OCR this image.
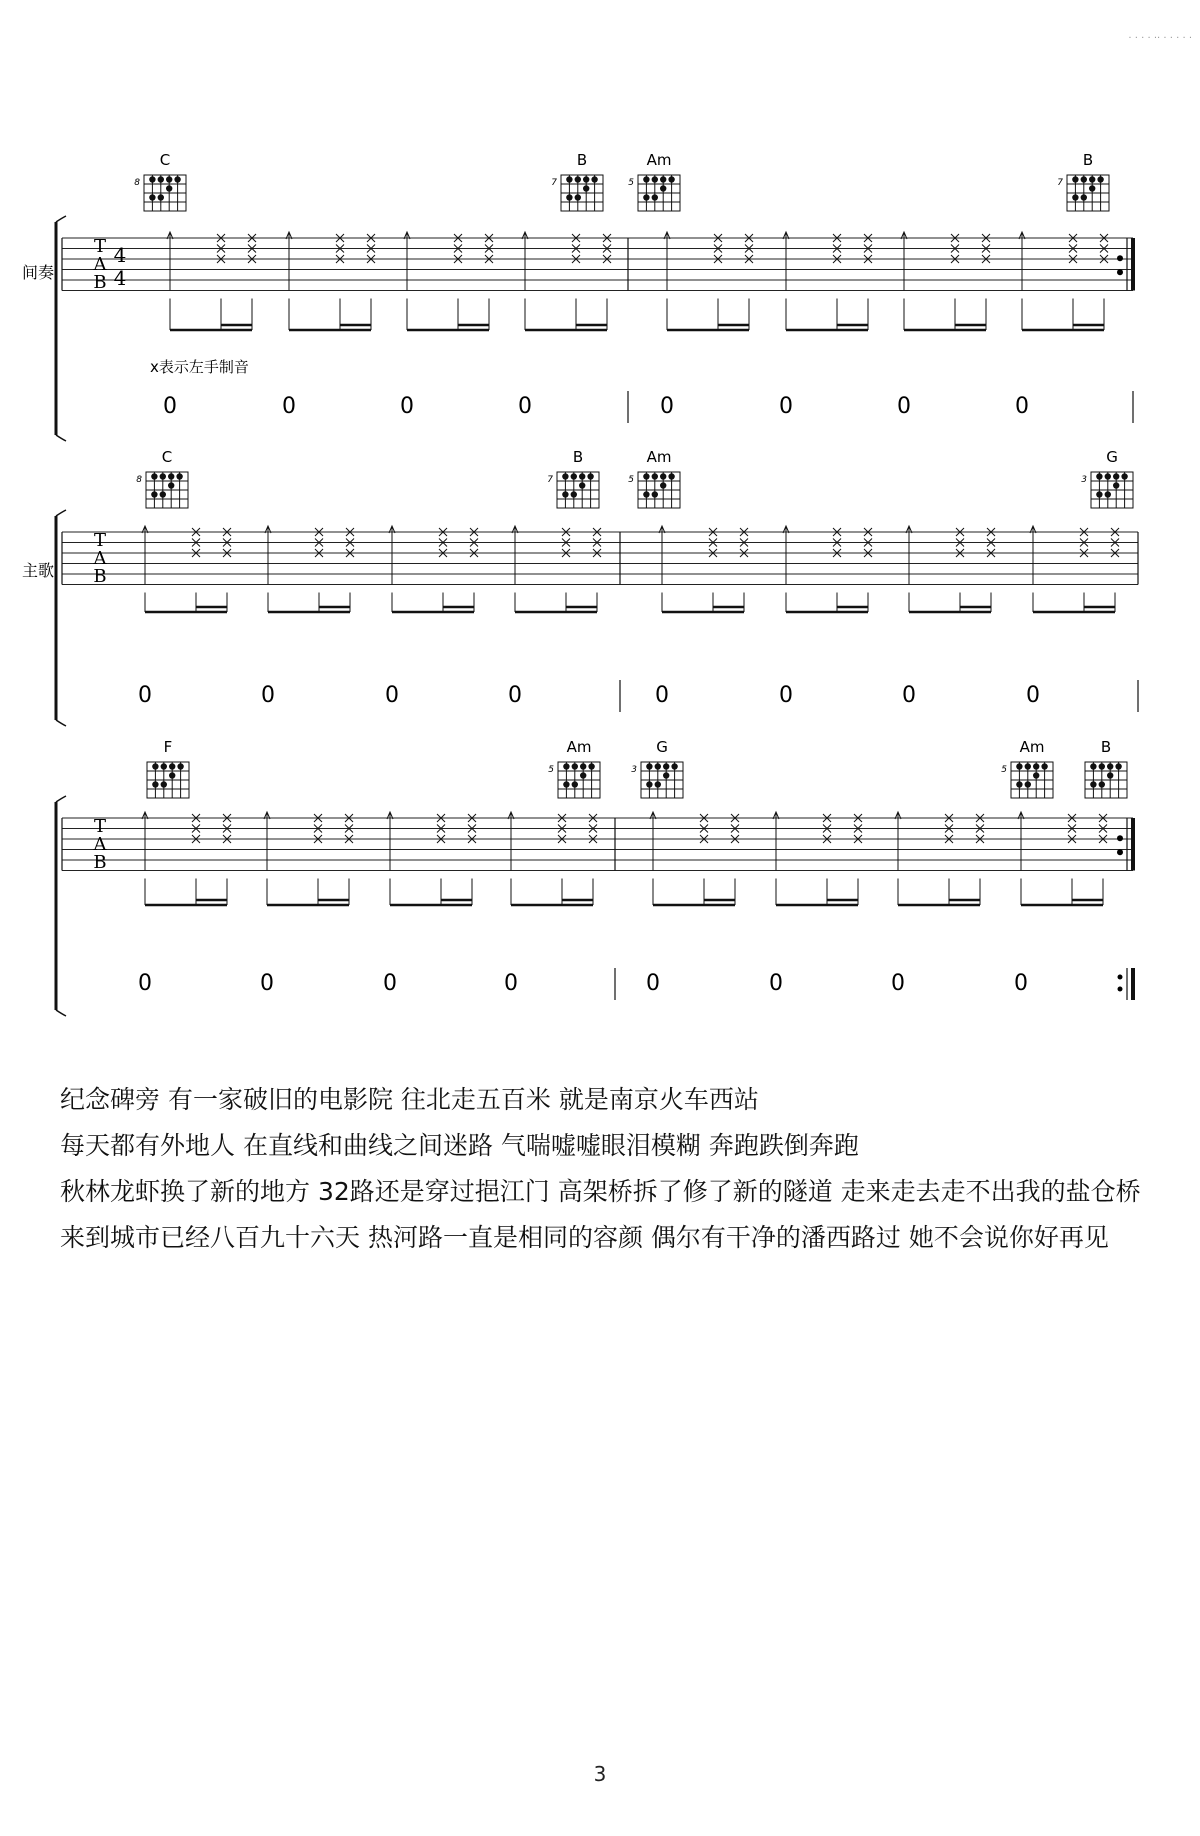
. . . . .. . . . . .
T
A
B
4
4
间奏
C
8
B
7
Am
5
B
7
0	0	0	0	0	0	0	0
x表示左手制音
T
A
B
主歌
C
8
B
7
Am
5
G
3
0	0	0	0	0	0	0	0
T
A
B
F	Am
5
G
3
Am
5
B
0	0	0	0	0	0	0	0
纪念碑旁 有一家破旧的电影院 往北走五百米 就是南京火车西站
每天都有外地人 在直线和曲线之间迷路 气喘嘘嘘眼泪模糊 奔跑跌倒奔跑
秋林龙虾换了新的地方 32路还是穿过挹江门 高架桥拆了修了新的隧道 走来走去走不出我的盐仓桥
来到城市已经八百九十六天 热河路一直是相同的容颜 偶尔有干净的潘西路过 她不会说你好再见
3
